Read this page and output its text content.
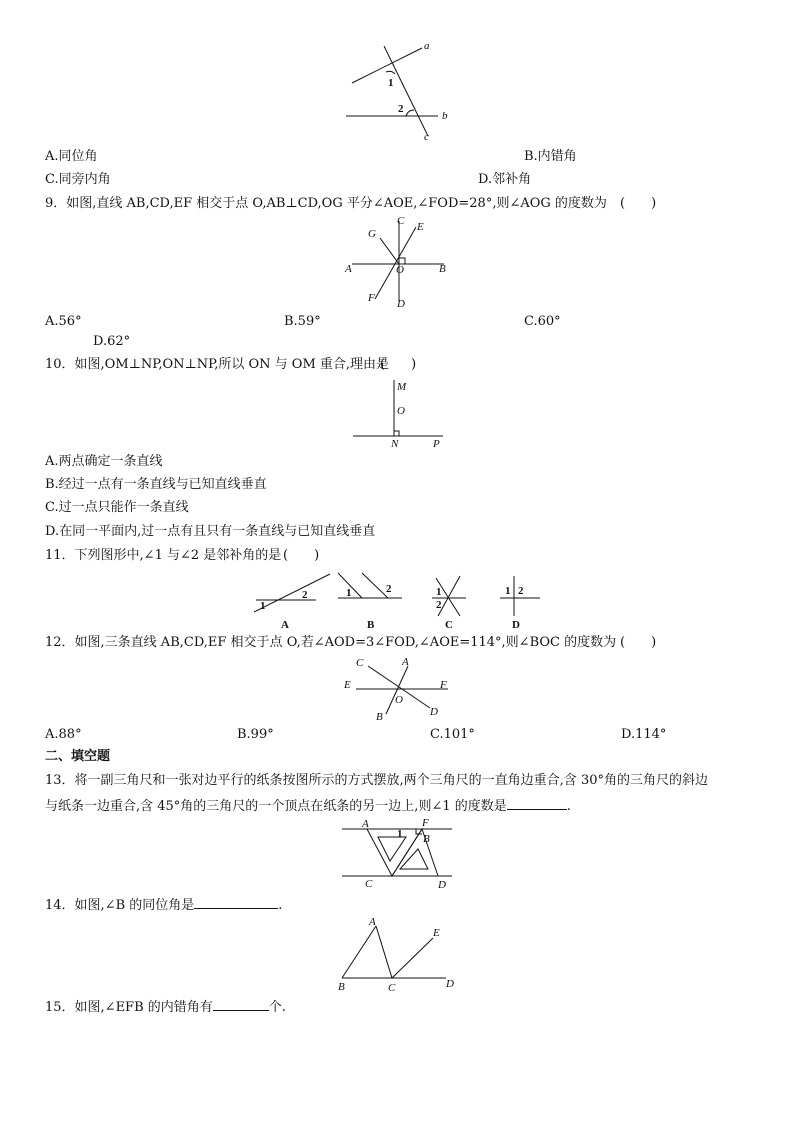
a
1
2
b
c
A.同位角	B.内错角
C.同旁内角	D.邻补角
9．如图,直线 AB,CD,EF 相交于点 O,AB⊥CD,OG 平分∠AOE,∠FOD=28°,则∠AOG 的度数为 (　　)
C E
G
A	O	B
F D
A.56°	B.59°	C.60°
D.62°
10．如图,OM⊥NP,ON⊥NP,所以 ON 与 OM 重合,理由是
(　　)
M
O
N	P
A.两点确定一条直线
B.经过一点有一条直线与已知直线垂直
C.过一点只能作一条直线
D.在同一平面内,过一点有且只有一条直线与已知直线垂直
11．下列图形中,∠1 与∠2 是邻补角的是 (　　)
1
2
A
1	2
B
1
2
C
1 2
D
12．如图,三条直线 AB,CD,EF 相交于点 O,若∠AOD=3∠FOD,∠AOE=114°,则∠BOC 的度数为 (　　)
C	A
E	F
O
B	D
A.88°	B.99°	C.101°	D.114°
二、填空题
13．将一副三角尺和一张对边平行的纸条按图所示的方式摆放,两个三角尺的一直角边重合,含 30°角的三角尺的斜边
与纸条一边重合,含 45°角的三角尺的一个顶点在纸条的另一边上,则∠1 的度数是	.
A
1
F
B
C	D
14．如图,∠B 的同位角是	.
A
E
B	C	D
15．如图,∠EFB 的内错角有	个.
